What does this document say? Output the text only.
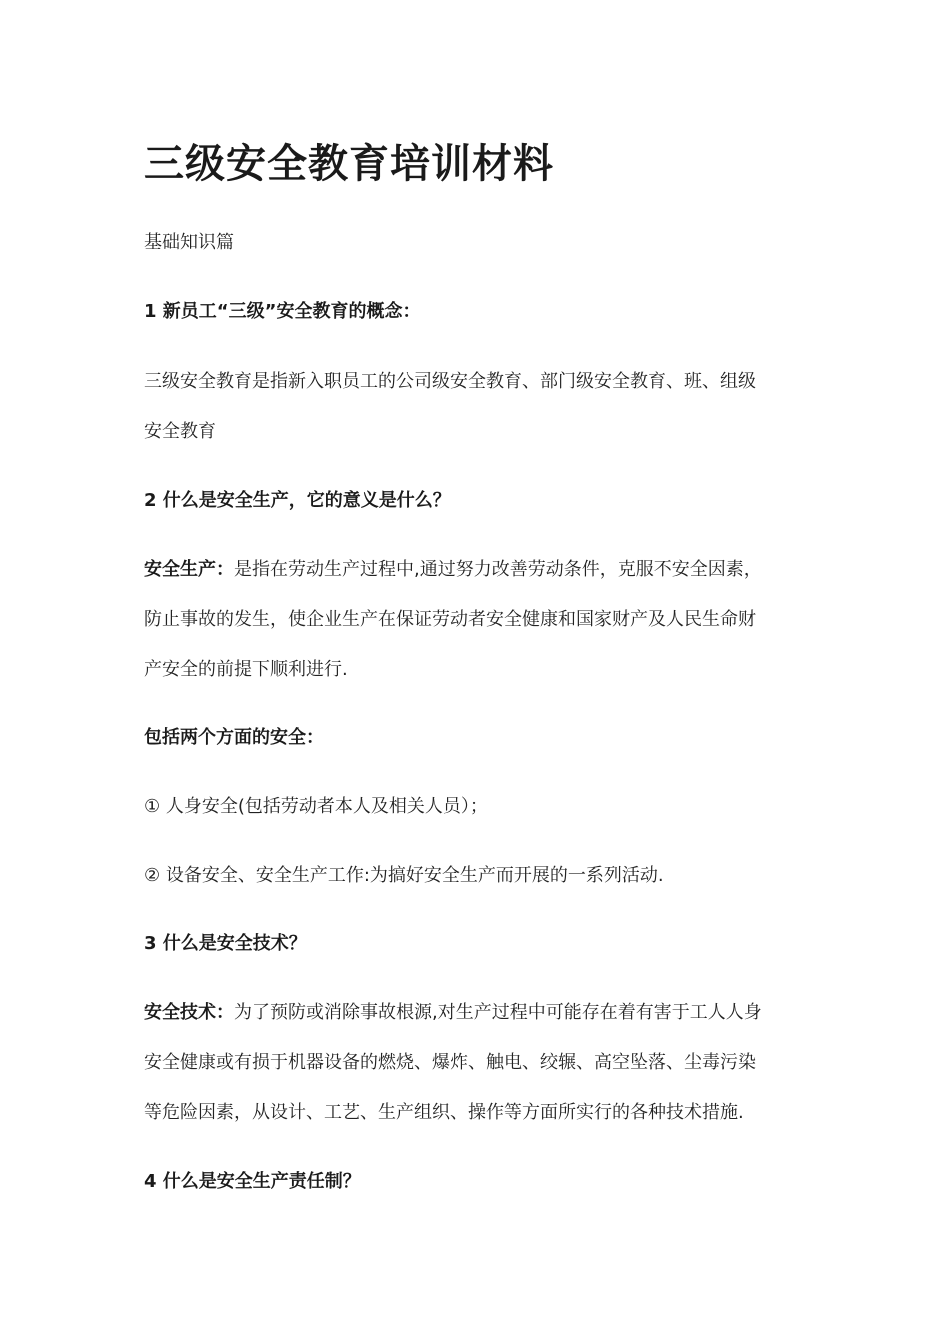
三级安全教育培训材料

基础知识篇

1 新员工“三级”安全教育的概念：

三级安全教育是指新入职员工的公司级安全教育、部门级安全教育、班、组级

安全教育

2 什么是安全生产，它的意义是什么？

安全生产：是指在劳动生产过程中,通过努力改善劳动条件，克服不安全因素，

防止事故的发生，使企业生产在保证劳动者安全健康和国家财产及人民生命财

产安全的前提下顺利进行.

包括两个方面的安全：

① 人身安全(包括劳动者本人及相关人员）；

② 设备安全、安全生产工作:为搞好安全生产而开展的一系列活动.

3 什么是安全技术？

安全技术：为了预防或消除事故根源,对生产过程中可能存在着有害于工人人身

安全健康或有损于机器设备的燃烧、爆炸、触电、绞辗、高空坠落、尘毒污染

等危险因素，从设计、工艺、生产组织、操作等方面所实行的各种技术措施.

4 什么是安全生产责任制？
